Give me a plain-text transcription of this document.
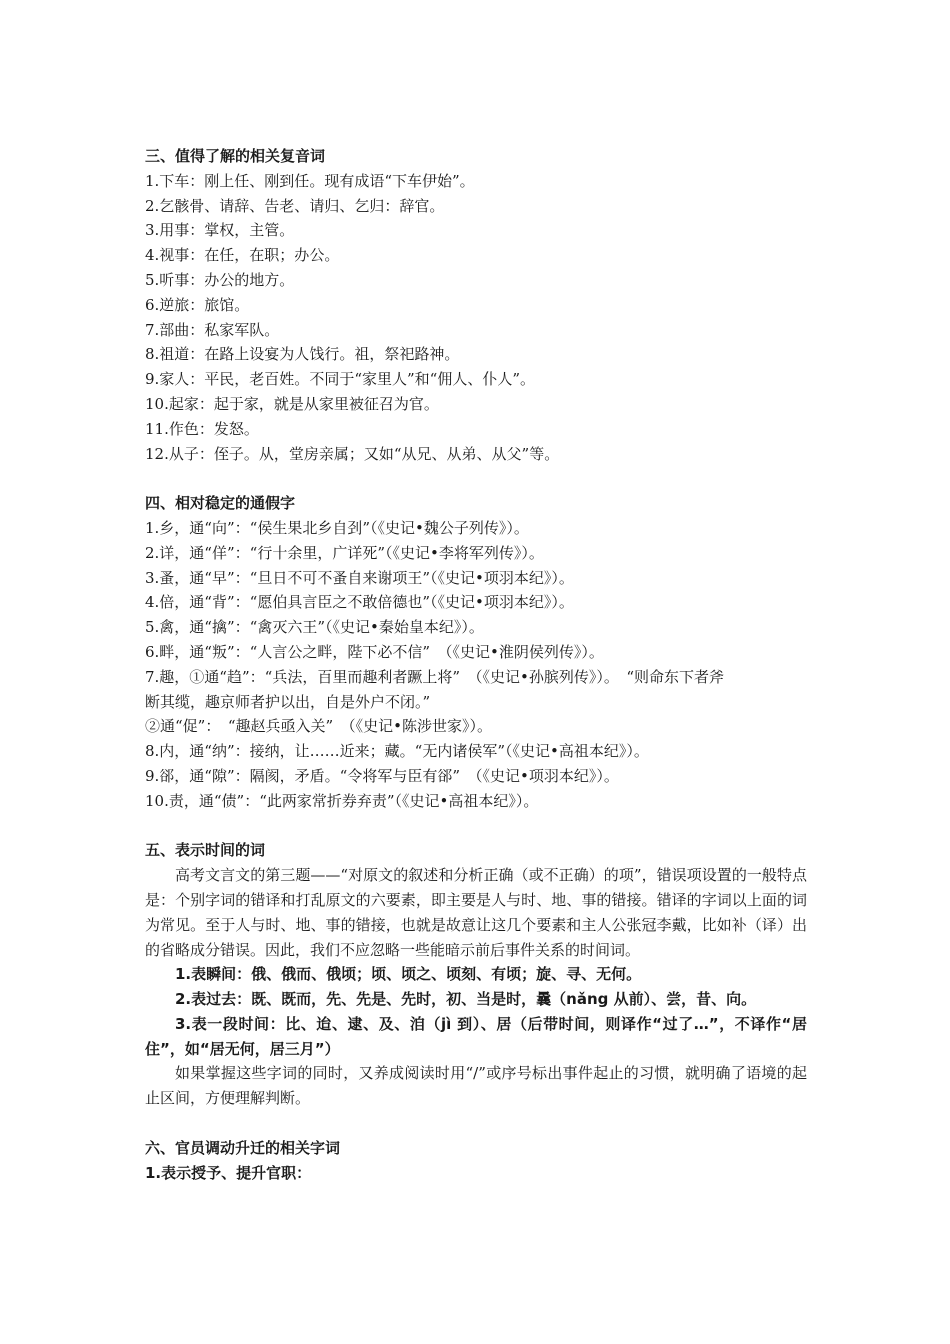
三、值得了解的相关复音词

1.下车：刚上任、刚到任。现有成语“下车伊始”。

2.乞骸骨、请辞、告老、请归、乞归：辞官。

3.用事：掌权，主管。

4.视事：在任，在职；办公。

5.听事：办公的地方。

6.逆旅：旅馆。

7.部曲：私家军队。

8.祖道：在路上设宴为人饯行。祖，祭祀路神。

9.家人：平民，老百姓。不同于“家里人”和“佣人、仆人”。

10.起家：起于家，就是从家里被征召为官。

11.作色：发怒。

12.从子：侄子。从，堂房亲属；又如“从兄、从弟、从父”等。

四、相对稳定的通假字

1.乡，通“向”：“侯生果北乡自刭”（《史记•魏公子列传》）。

2.详，通“佯”：“行十余里，广详死”（《史记•李将军列传》）。

3.蚤，通“早”：“旦日不可不蚤自来谢项王”（《史记•项羽本纪》）。

4.倍，通“背”：“愿伯具言臣之不敢倍德也”（《史记•项羽本纪》）。

5.禽，通“擒”：“禽灭六王”（《史记•秦始皇本纪》）。

6.畔，通“叛”：“人言公之畔，陛下必不信”　（《史记•淮阴侯列传》）。

7.趣，①通“趋”：“兵法，百里而趣利者蹶上将”　（《史记•孙膑列传》）。　“则命东下者斧

断其缆，趣京师者护以出，自是外户不闭。”

②通“促”：　“趣赵兵亟入关”　（《史记•陈涉世家》）。

8.内，通“纳”：接纳，让……近来；藏。“无内诸侯军”（《史记•高祖本纪》）。

9.郤，通“隙”：隔阂，矛盾。“令将军与臣有郤”　（《史记•项羽本纪》）。

10.责，通“债”：“此两家常折券弃责”（《史记•高祖本纪》）。

五、表示时间的词

高考文言文的第三题——“对原文的叙述和分析正确（或不正确）的项”，错误项设置的一般特点是：个别字词的错译和打乱原文的六要素，即主要是人与时、地、事的错接。错译的字词以上面的词为常见。至于人与时、地、事的错接，也就是故意让这几个要素和主人公张冠李戴，比如补（译）出的省略成分错误。因此，我们不应忽略一些能暗示前后事件关系的时间词。

1.表瞬间：俄、俄而、俄顷；顷、顷之、顷刻、有顷；旋、寻、无何。

2.表过去：既、既而，先、先是、先时，初、当是时，曩（nǎng 从前）、尝，昔、向。

3.表一段时间：比、迨、逮、及、洎（jì 到）、居（后带时间，则译作“过了…”，不译作“居住”，如“居无何，居三月”）

如果掌握这些字词的同时，又养成阅读时用“/”或序号标出事件起止的习惯，就明确了语境的起止区间，方便理解判断。

六、官员调动升迁的相关字词

1.表示授予、提升官职：
